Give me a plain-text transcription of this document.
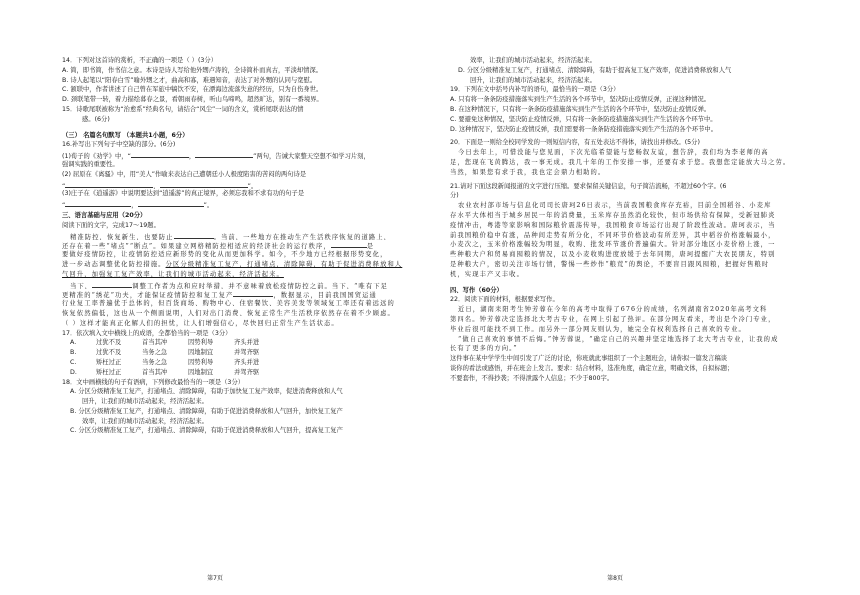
14．下列对这首诗的赏析，不正确的一项是（ ）(3分）
A. 简，即书简，作书信之意。本诗是诗人写给他外甥卢涛的，全诗简朴而真古，平淡却情深。
B. 诗人起笔以“阳春白雪”喻外甥之才，曲高和寡，难遇知音，表达了对外甥的认同与宽慰。
C. 颔联中，作者讲述了自己曾在军旅中犒饮不安，在漂海边流落失意的经历，只为自伤身世。
D. 颈联笔带一转，着力描绘暮春之景，看朝雨春树，听山鸟啼鸣，超然旷达，别有一番境界。
15．诗歌尾联被称为“治愈系”经典名句，请结合“风尘”一词的含义，赏析尾联表达的情
感。(6分)
（三） 名篇名句默写 （本题共1小题，6分）
16.补写出下列句子中空缺的部分。(6分)
(1)荀子的《劝学》中，“	，	”两句，告诫大家整天空想不如学习片刻，
强调实践的重要性。
(2) 屈原在《离骚》中，用“美人”作喻来表达自己遭朝廷小人极度陷害的苦闷的两句诗是
“	，	”。
(3)庄子在《逍遥游》中说明要达到“逍遥游”的真正境界，必须忘我和不求有功的句子是
“	，	”。
三、语言基础与应用（20分）
阅读下面的文字，完成17～19题。
精准防控，恢复新生，也要防止	。当前，一些地方在推动生产生活秩序恢复的道路上，
还存在着一些“堵点”“断点”。如果建立网格精防控相适应的经济社会的运行秩序，	是
要做好疫情防控，让疫情防控适应新形势的变化从而更加科学。如今，不少地方已经根据形势变化，
进一步动态调整优化防控措施。分区分级精准复工复产，打通堵点，清除障碍，有助于促进消费释放和人
气回升，加强复工复产效率，让我们的城市活动起来，经济活起来。
当下，	调整工作者为点和应时举措，并不意味着放松疫情防控之前。当下，“唯有下足
更精准的“绣花”功夫，才能保证疫情防控和复工复产	，数据显示，目前我国国贸运通
行业复工率普遍优于总体的，但百货商场、购物中心、住宿餐饮、美容美发等领域复工率还有着远远的
恢复依然偏低，这也从一个侧面说明，人们对出门消费、恢复正常生产生活秩序依然存在着不少顾虑。
（ ）这样才能真正化解人们的担忧，让人们增强信心，尽快回归正常生产生活状态。
17．依次填入文中横线上的成语，全都恰当的一项是（3分）
A.	过犹不及	首当其冲	因势利导	齐头并进
B.	过犹不及	当务之急	因地制宜	并驾齐驱
C.	矫枉过正	当务之急	因势利导	齐头并进
D.	矫枉过正	首当其冲	因地制宜	并驾齐驱
18．文中画横线的句子有语病，下列修改最恰当的一项是（3分）
A. 分区分级精准复工复产，打通堵点、清除障碍，有助于加快复工复产效率，促进消费释放和人气
回升，让我们的城市活动起来，经济活起来。
B. 分区分级精准复工复产，打通堵点、清除障碍，有助于促进消费释放和人气回升，加快复工复产
效率，让我们的城市活动起来，经济活起来。
C. 分区分级精准复工复产，打通堵点、清除障碍，有助于促进消费释放和人气回升，提高复工复产
第7页
效率，让我们的城市活动起来，经济活起来。
D. 分区分级精准复工复产，打通堵点、清除障碍，有助于提高复工复产效率，促进消费释放和人气
回升，让我们的城市活动起来，经济活起来。
19．下列在文中括号内补写的语句，最恰当的一项是（3分）
A. 只有将一条条防疫措施落实到生产生活的各个环节中，坚决防止疫情反弹，正视这种情况。
B. 在这种情况下，只有将一条条防疫措施落实到生产生活的各个环节中，坚决防止疫情反弹。
C. 要避免这种情况，坚决防止疫情反弹，只有将一条条防疫措施落实到生产生活的各个环节中。
D. 这种情况下，坚决防止疫情反弹，我们需要将一条条防疫措施落实到生产生活的各个环节中。
20．下面是一则给全校同学发的一则短信内容，有五处表达不得体，请找出并修改。(5分)
今日去年上，可惜没能与您见面，下次光临希望能与您畅叙友谊，想告辞，我们均为李老师的高
足，您现在飞黄腾达，我一事无成。我几十年的工作安排一事，还要有求于您。我想您定能放大马之劳。
当然，如果您有求于我，我也定会鼎力相助的。
21.请对下面这段新闻报道的文字进行压缩。要求保留关键信息，句子简洁流畅，不超过60个字。(6
分)
农业农村部市场与信息化司司长唐珂26日表示，当前我国粮食库存充裕，目前全国稻谷、小麦库
存水平大体相当于城乡居民一年的消费量，玉米库存虽然消化较快，但市场供给有保障，受新冠肺炎
疫情冲击，粤港等家影响和国际粮价震荡传导，我国粮食市场运行出现了阶段性波动。唐珂表示，当
前我国粮价稳中有涨，品种间走势有所分化，不同环节价格波动有所差异，其中稻谷价格涨幅最小，
小麦次之，玉米价格涨幅较为明显，收购、批发环节涨价普遍偏大。针对部分地区小麦价格上涨，一
些种粮大户和贸易商囤粮的情况，以及小麦收购进度放缓于去年同期，唐珂提醒广大农民朋友，特别
是种粮大户，密切关注市场行情，警惕一些炒作“粮荒”的舆论，不要盲目跟风囤粮，把握好售粮时
机，实现丰产又丰收。
四、写作（60分）
22．阅读下面的材料，根据要求写作。
近日，湖南耒阳考生钟芳蓉在今年的高考中取得了676分的成绩，名列湖南省2020年高考文科
第四名。钟芳蓉决定选择北大考古专业，在网上引起了热评。在部分网友看来，考出是个冷门专业，
毕业后很可能找不到工作。而另外一部分网友则认为，她完全有权利选择自己喜欢的专业。
“做自己喜欢的事情不后悔。”钟芳蓉说，“确定自己的兴趣并坚定地选择了北大考古专业，让我的成
长有了更多的方向。”
这件事在某中学学生中间引发了广泛的讨论，你班就此事组织了一个主题班会，请你拟一篇发言稿谈
谈你的看法或感悟，并在班会上发言。要求：结合材料，选准角度，确定立意，明确文体，自拟标题；
不要套作，不得抄袭；不得泄露个人信息；不少于800字。
第8页
